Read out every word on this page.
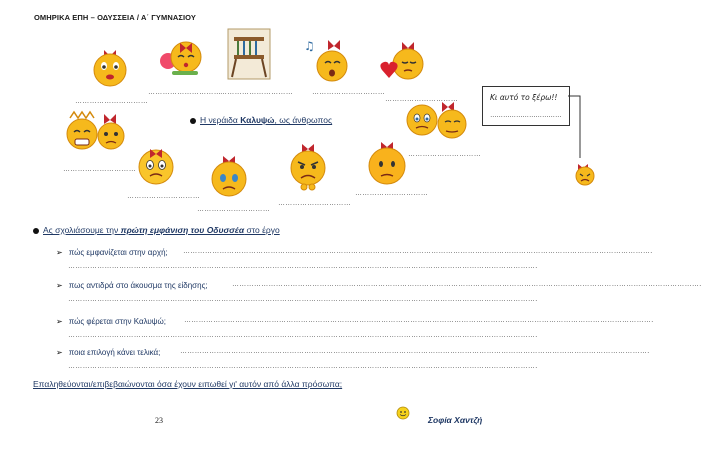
ΟΜΗΡΙΚΑ ΕΠΗ – ΟΔΥΣΣΕΙΑ / Α΄ ΓΥΜΝΑΣΙΟΥ
♫
………………………… …………………………	…………………………
…………………………
…………………………
Η νεράιδα Καλυψώ, ως άνθρωπος
Κι αυτό το ξέρω!!
……………………………
…………………………
…………………………
…………………………
…………………………
…………………………
…………………………
Ας σχολιάσουμε την πρώτη εμφάνιση του Οδυσσέα στο έργο
➢ πώς εμφανίζεται στην αρχή; ………………………………………………………………………………………………………………………………………………………………………….
………………………………………………………………………………………………………………………………………………………………………….
➢ πως αντιδρά στο άκουσμα της είδησης;	………………………………………………………………………………………………………………………………………………………………………….
………………………………………………………………………………………………………………………………………………………………………….
➢ πώς φέρεται στην Καλυψώ;	………………………………………………………………………………………………………………………………………………………………………….
………………………………………………………………………………………………………………………………………………………………………….
➢ ποια επιλογή κάνει τελικά;	………………………………………………………………………………………………………………………………………………………………………….
………………………………………………………………………………………………………………………………………………………………………….
Επαληθεύονται/επιβεβαιώνονται όσα έχουν ειπωθεί γι' αυτόν από άλλα πρόσωπα;
23	Σοφία Χαντζή
